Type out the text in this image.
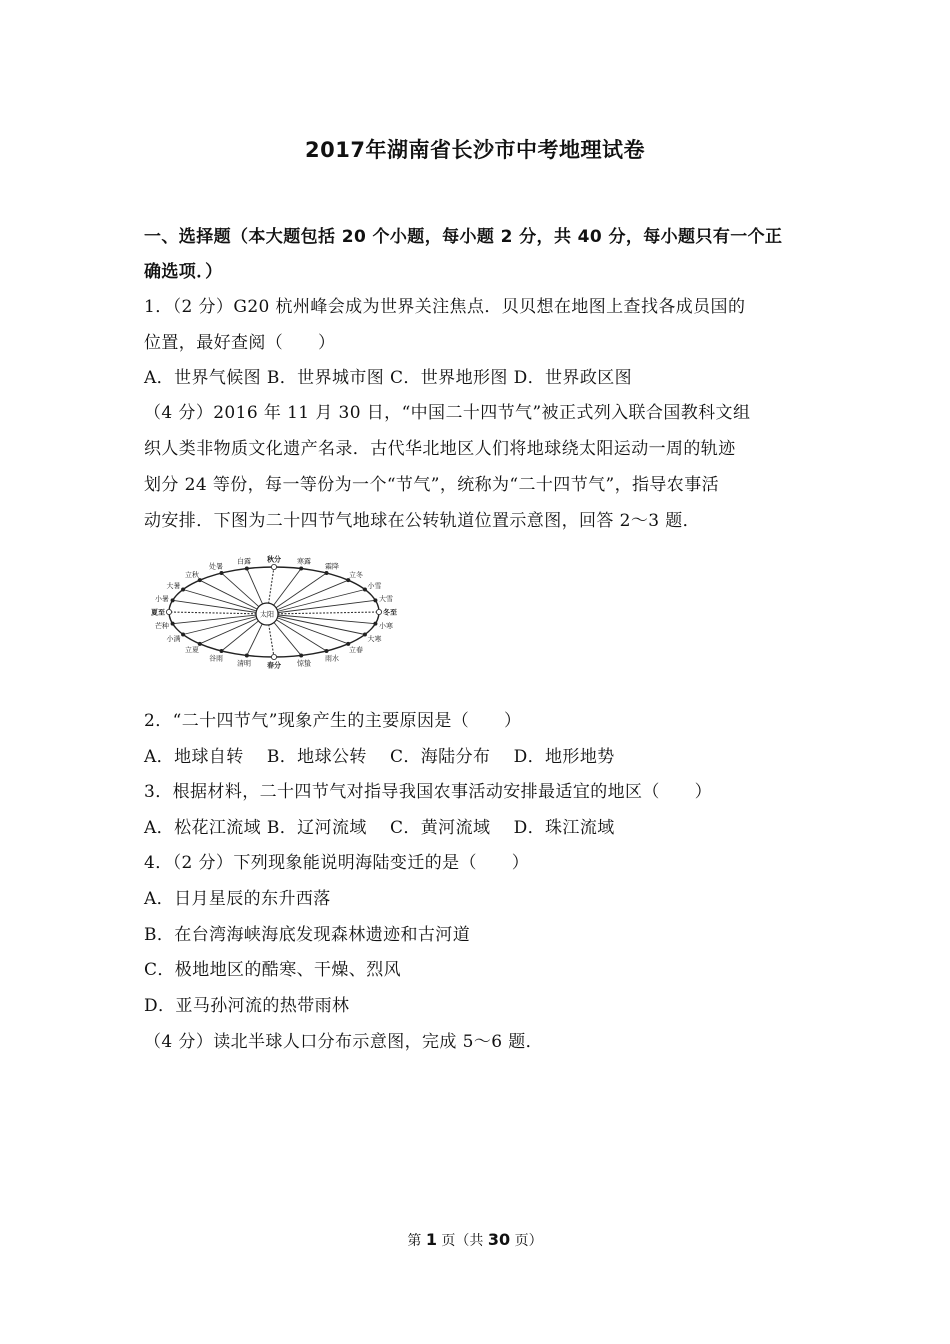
2017年湖南省长沙市中考地理试卷
一、选择题（本大题包括 20 个小题，每小题 2 分，共 40 分，每小题只有一个正
确选项．）
1．（2 分）G20 杭州峰会成为世界关注焦点．贝贝想在地图上查找各成员国的
位置，最好查阅（　　）
A．世界气候图 B．世界城市图 C．世界地形图 D．世界政区图
（4 分）2016 年 11 月 30 日，“中国二十四节气”被正式列入联合国教科文组
织人类非物质文化遗产名录．古代华北地区人们将地球绕太阳运动一周的轨迹
划分 24 等份，每一等份为一个“节气”，统称为“二十四节气”，指导农事活
动安排．下图为二十四节气地球在公转轨道位置示意图，回答 2～3 题．
太阳
春分
清明
谷雨
立夏
小满
芒种
夏至
小暑
大暑
立秋
处暑
白露 秋分 寒露
霜降
立冬
小雪
大雪
冬至
小寒
大寒
立春
雨水
惊蛰
2．“二十四节气”现象产生的主要原因是（　　）
A．地球自转　 B．地球公转　 C．海陆分布　 D．地形地势
3．根据材料，二十四节气对指导我国农事活动安排最适宜的地区（　　）
A．松花江流域 B．辽河流域　 C．黄河流域　 D．珠江流域
4．（2 分）下列现象能说明海陆变迁的是（　　）
A．日月星辰的东升西落
B．在台湾海峡海底发现森林遗迹和古河道
C．极地地区的酷寒、干燥、烈风
D．亚马孙河流的热带雨林
（4 分）读北半球人口分布示意图，完成 5～6 题．
第 1 页（共 30 页）
